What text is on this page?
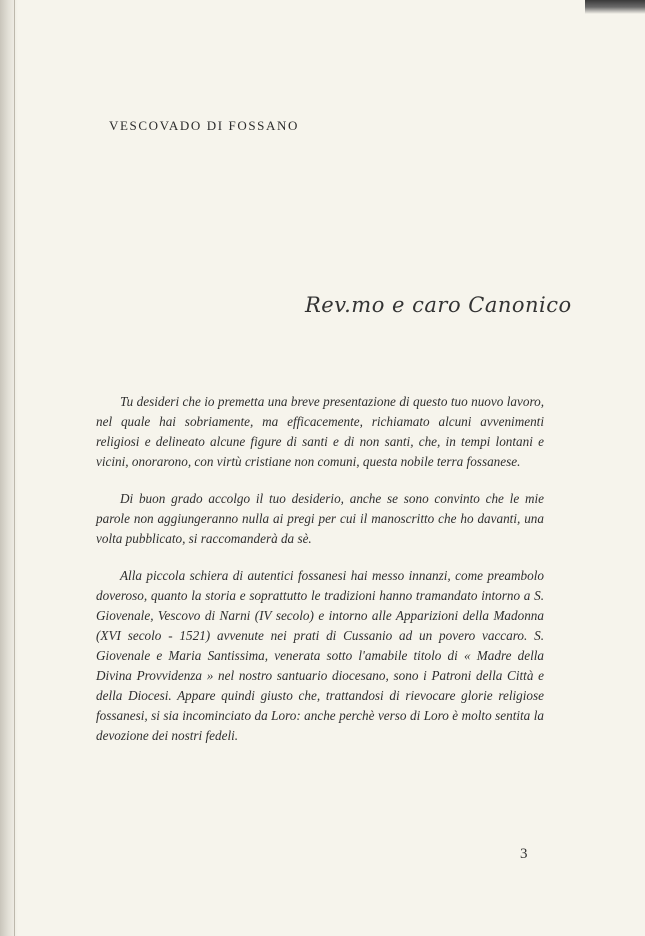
VESCOVADO DI FOSSANO
Rev.mo e caro Canonico

Tu desideri che io premetta una breve presentazione di questo tuo nuovo lavoro, nel quale hai sobriamente, ma efficacemente, richiamato alcuni avvenimenti religiosi e delineato alcune figure di santi e di non santi, che, in tempi lontani e vicini, onorarono, con virtù cristiane non comuni, questa nobile terra fossanese.

Di buon grado accolgo il tuo desiderio, anche se sono convinto che le mie parole non aggiungeranno nulla ai pregi per cui il manoscritto che ho davanti, una volta pubblicato, si raccomanderà da sè.

Alla piccola schiera di autentici fossanesi hai messo innanzi, come preambolo doveroso, quanto la storia e soprattutto le tradizioni hanno tramandato intorno a S. Giovenale, Vescovo di Narni (IV secolo) e intorno alle Apparizioni della Madonna (XVI secolo - 1521) avvenute nei prati di Cussanio ad un povero vaccaro. S. Giovenale e Maria Santissima, venerata sotto l'amabile titolo di « Madre della Divina Provvidenza » nel nostro santuario diocesano, sono i Patroni della Città e della Diocesi. Appare quindi giusto che, trattandosi di rievocare glorie religiose fossanesi, si sia incominciato da Loro: anche perchè verso di Loro è molto sentita la devozione dei nostri fedeli.

3
